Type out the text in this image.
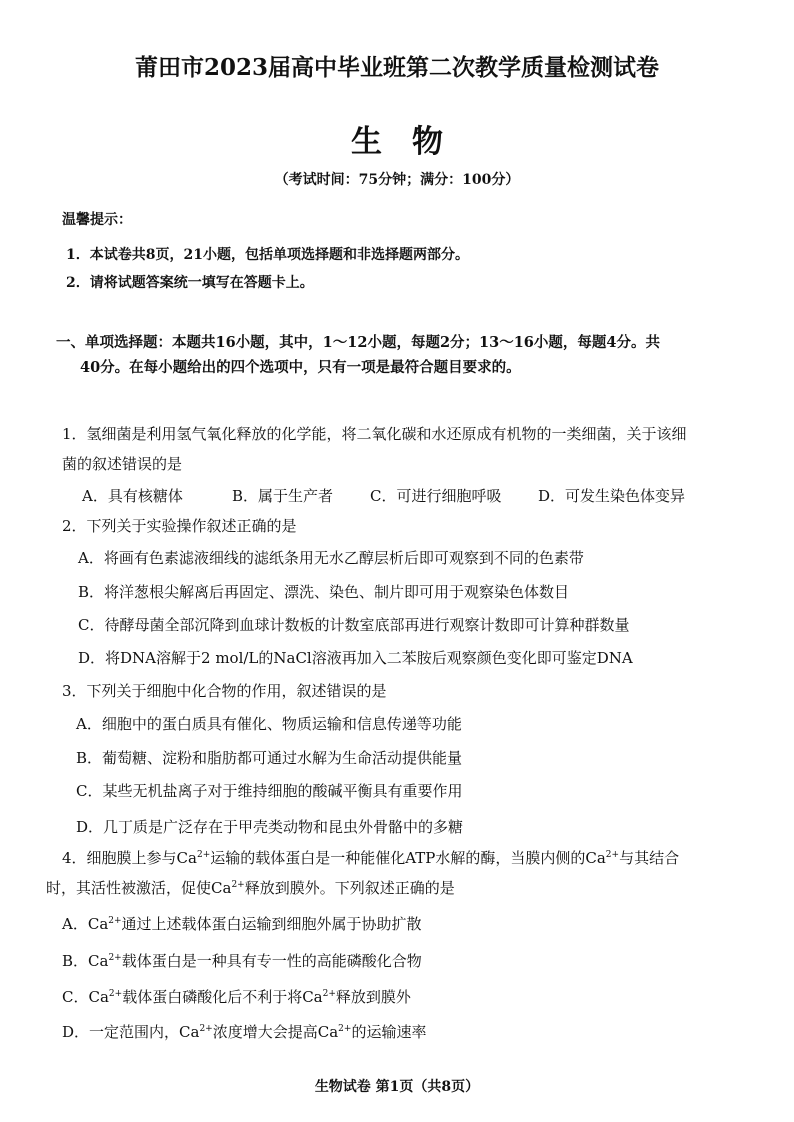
莆田市2023届高中毕业班第二次教学质量检测试卷
生物
（考试时间：75分钟；满分：100分）
温馨提示：
1．本试卷共8页，21小题，包括单项选择题和非选择题两部分。
2．请将试题答案统一填写在答题卡上。
一、单项选择题：本题共16小题，其中，1～12小题，每题2分；13～16小题，每题4分。共
40分。在每小题给出的四个选项中，只有一项是最符合题目要求的。
1．氢细菌是利用氢气氧化释放的化学能，将二氧化碳和水还原成有机物的一类细菌，关于该细
菌的叙述错误的是
A．具有核糖体	B．属于生产者 C．可进行细胞呼吸 D．可发生染色体变异
2．下列关于实验操作叙述正确的是
A．将画有色素滤液细线的滤纸条用无水乙醇层析后即可观察到不同的色素带
B．将洋葱根尖解离后再固定、漂洗、染色、制片即可用于观察染色体数目
C．待酵母菌全部沉降到血球计数板的计数室底部再进行观察计数即可计算种群数量
D．将DNA溶解于2 mol/L的NaCl溶液再加入二苯胺后观察颜色变化即可鉴定DNA
3．下列关于细胞中化合物的作用，叙述错误的是
A．细胞中的蛋白质具有催化、物质运输和信息传递等功能
B．葡萄糖、淀粉和脂肪都可通过水解为生命活动提供能量
C．某些无机盐离子对于维持细胞的酸碱平衡具有重要作用
D．几丁质是广泛存在于甲壳类动物和昆虫外骨骼中的多糖
4．细胞膜上参与$Ca^{2+}$运输的载体蛋白是一种能催化ATP水解的酶，当膜内侧的$Ca^{2+}$与其结合
时，其活性被激活，促使$Ca^{2+}$释放到膜外。下列叙述正确的是
A．$Ca^{2+}$通过上述载体蛋白运输到细胞外属于协助扩散
B．$Ca^{2+}$载体蛋白是一种具有专一性的高能磷酸化合物
C．$Ca^{2+}$载体蛋白磷酸化后不利于将$Ca^{2+}$释放到膜外
D．一定范围内，$Ca^{2+}$浓度增大会提高$Ca^{2+}$的运输速率
生物试卷 第1页（共8页）
